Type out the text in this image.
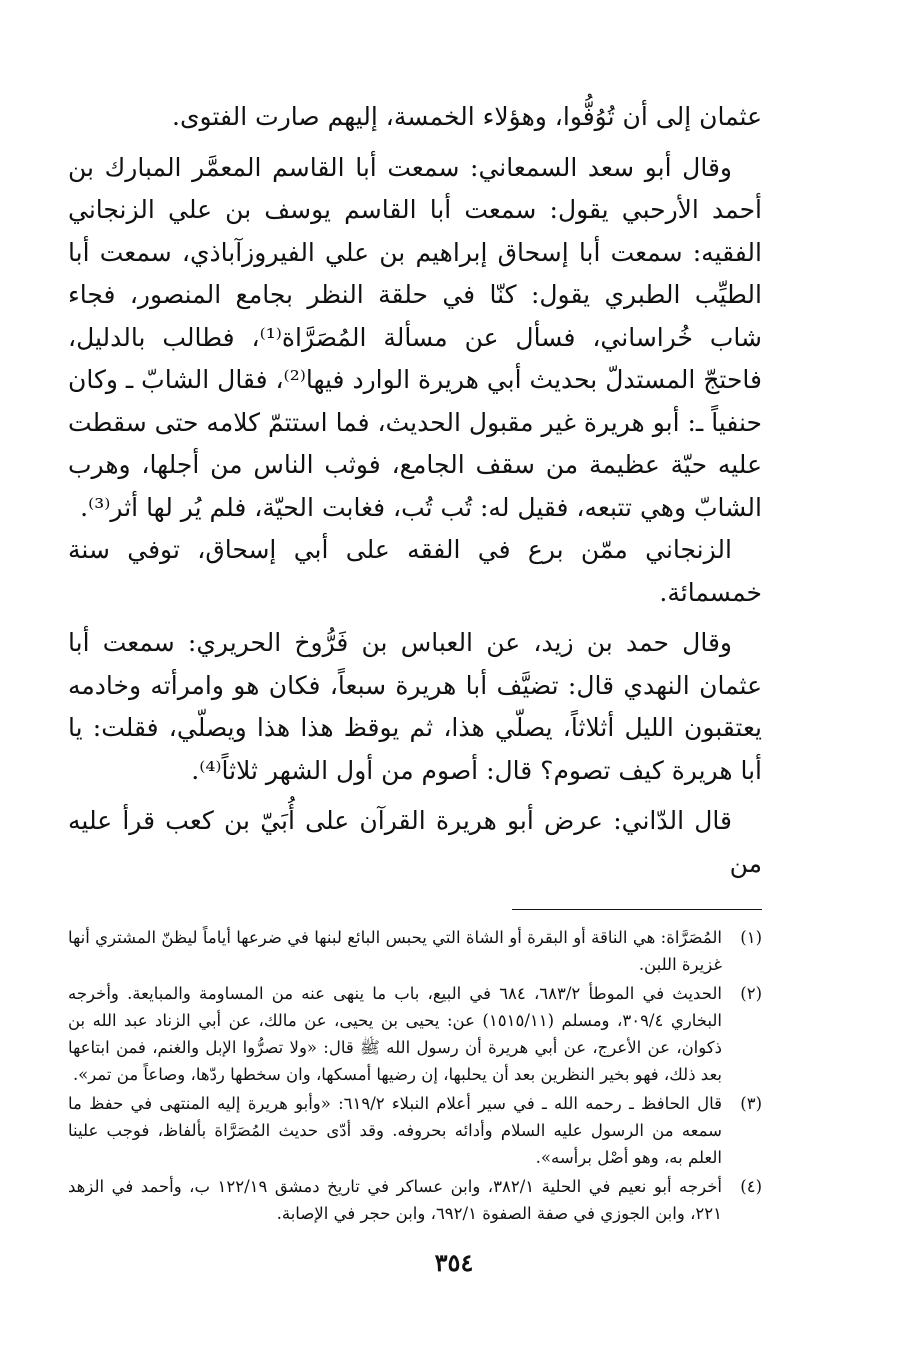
عثمان إلى أن تُوُفُّوا، وهؤلاء الخمسة، إليهم صارت الفتوى.

وقال أبو سعد السمعاني: سمعت أبا القاسم المعمَّر المبارك بن أحمد الأرحبي يقول: سمعت أبا القاسم يوسف بن علي الزنجاني الفقيه: سمعت أبا إسحاق إبراهيم بن علي الفيروزآباذي، سمعت أبا الطيِّب الطبري يقول: كنّا في حلقة النظر بجامع المنصور، فجاء شاب خُراساني، فسأل عن مسألة المُصَرَّاة⁽¹⁾، فطالب بالدليل، فاحتجّ المستدلّ بحديث أبي هريرة الوارد فيها⁽²⁾، فقال الشابّ ـ وكان حنفياً ـ: أبو هريرة غير مقبول الحديث، فما استتمّ كلامه حتى سقطت عليه حيّة عظيمة من سقف الجامع، فوثب الناس من أجلها، وهرب الشابّ وهي تتبعه، فقيل له: تُب تُب، فغابت الحيّة، فلم يُر لها أثر⁽³⁾.

الزنجاني ممّن برع في الفقه على أبي إسحاق، توفي سنة خمسمائة.

وقال حمد بن زيد، عن العباس بن فَرُّوخ الحريري: سمعت أبا عثمان النهدي قال: تضيَّف أبا هريرة سبعاً، فكان هو وامرأته وخادمه يعتقبون الليل أثلاثاً، يصلّي هذا، ثم يوقظ هذا هذا ويصلّي، فقلت: يا أبا هريرة كيف تصوم؟ قال: أصوم من أول الشهر ثلاثاً⁽⁴⁾.

قال الدّاني: عرض أبو هريرة القرآن على أُبَيّ بن كعب قرأ عليه من

(١)
المُصَرَّاة: هي الناقة أو البقرة أو الشاة التي يحبس البائع لبنها في ضرعها أياماً ليظنّ المشتري أنها غزيرة اللبن.
(٢)
الحديث في الموطأ ٦٨٣/٢، ٦٨٤ في البيع، باب ما ينهى عنه من المساومة والمبايعة. وأخرجه البخاري ٣٠٩/٤، ومسلم (١٥١٥/١١) عن: يحيى بن يحيى، عن مالك، عن أبي الزناد عبد الله بن ذكوان، عن الأعرج، عن أبي هريرة أن رسول الله ﷺ قال: «ولا تصرُّوا الإبل والغنم، فمن ابتاعها بعد ذلك، فهو بخير النظرين بعد أن يحلبها، إن رضيها أمسكها، وان سخطها ردّها، وصاعاً من تمر».
(٣)
قال الحافظ ـ رحمه الله ـ في سير أعلام النبلاء ٦١٩/٢: «وأبو هريرة إليه المنتهى في حفظ ما سمعه من الرسول عليه السلام وأدائه بحروفه. وقد أدّى حديث المُصَرَّاة بألفاظ، فوجب علينا العلم به، وهو أصْل برأسه».
(٤)
أخرجه أبو نعيم في الحلية ٣٨٢/١، وابن عساكر في تاريخ دمشق ١٢٢/١٩ ب، وأحمد في الزهد ٢٢١، وابن الجوزي في صفة الصفوة ٦٩٢/١، وابن حجر في الإصابة.
٣٥٤
